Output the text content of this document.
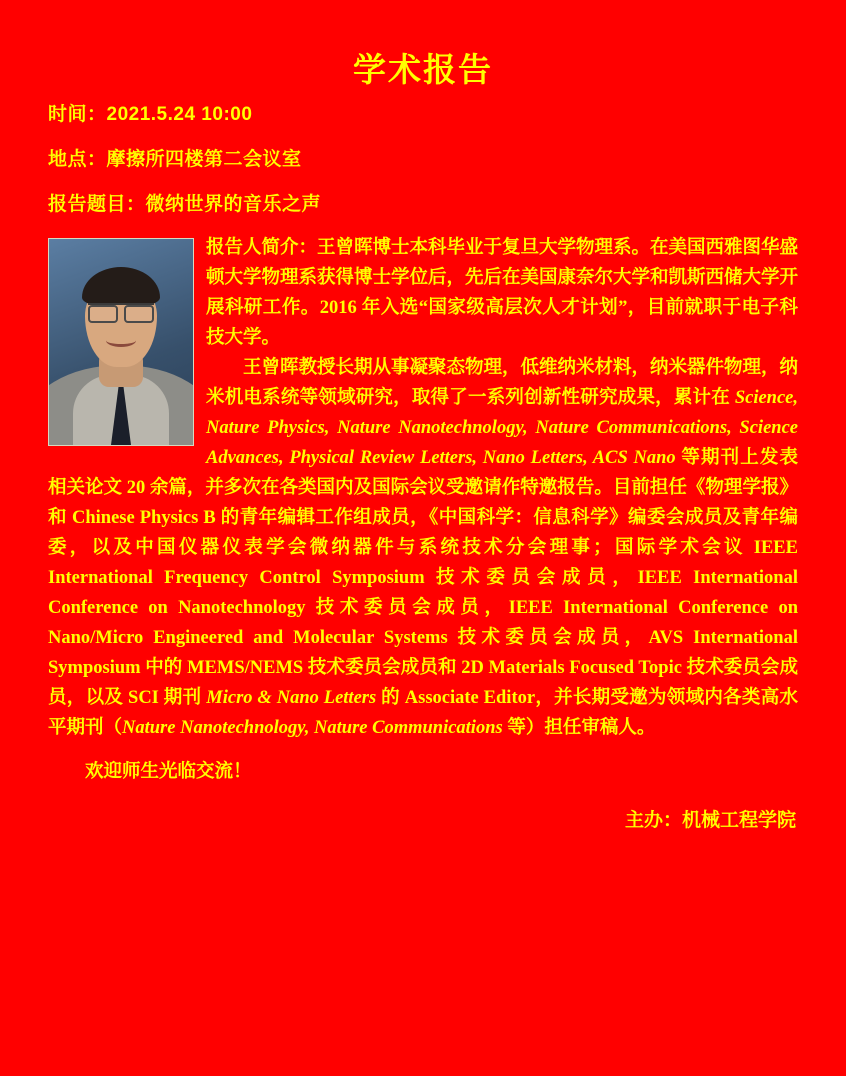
学术报告
时间：2021.5.24 10:00
地点：摩擦所四楼第二会议室
报告题目：微纳世界的音乐之声

报告人简介：王曾晖博士本科毕业于复旦大学物理系。在美国西雅图华盛顿大学物理系获得博士学位后，先后在美国康奈尔大学和凯斯西储大学开展科研工作。2016 年入选“国家级高层次人才计划”，目前就职于电子科技大学。

王曾晖教授长期从事凝聚态物理，低维纳米材料，纳米器件物理，纳米机电系统等领域研究，取得了一系列创新性研究成果，累计在 Science, Nature Physics, Nature Nanotechnology, Nature Communications, Science Advances, Physical Review Letters, Nano Letters, ACS Nano 等期刊上发表相关论文 20 余篇，并多次在各类国内及国际会议受邀请作特邀报告。目前担任《物理学报》和 Chinese Physics B 的青年编辑工作组成员，《中国科学：信息科学》编委会成员及青年编委，以及中国仪器仪表学会微纳器件与系统技术分会理事；国际学术会议 IEEE International Frequency Control Symposium 技术委员会成员，IEEE International Conference on Nanotechnology 技术委员会成员，IEEE International Conference on Nano/Micro Engineered and Molecular Systems 技术委员会成员，AVS International Symposium 中的 MEMS/NEMS 技术委员会成员和 2D Materials Focused Topic 技术委员会成员，以及 SCI 期刊 Micro & Nano Letters 的 Associate Editor，并长期受邀为领域内各类高水平期刊（Nature Nanotechnology, Nature Communications 等）担任审稿人。

欢迎师生光临交流！
主办：机械工程学院
